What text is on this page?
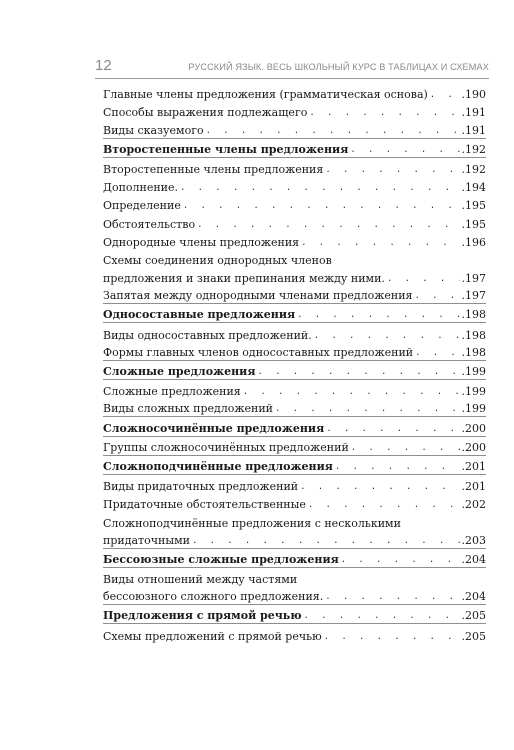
12	РУССКИЙ ЯЗЫК. ВЕСЬ ШКОЛЬНЫЙ КУРС В ТАБЛИЦАХ И СХЕМАХ
Главные члены предложения (грамматическая основа) . . .	.190
Способы выражения подлежащего . . .	.191
Виды сказуемого . . .	.191
Второстепенные члены предложения . . .	.192
Второстепенные члены предложения . . .	.192
Дополнение. . . .	.194
Определение . . .	.195
Обстоятельство . . .	.195
Однородные члены предложения . . .	.196
Схемы соединения однородных членов
предложения и знаки препинания между ними. . . .	.197
Запятая между однородными членами предложения . . .	.197
Односоставные предложения . . .	.198
Виды односоставных предложений. . . .	.198
Формы главных членов односоставных предложений . . .	.198
Сложные предложения . . .	.199
Сложные предложения . . .	.199
Виды сложных предложений . . .	.199
Сложносочинённые предложения . . .	.200
Группы сложносочинённых предложений . . .	.200
Сложноподчинённые предложения . . .	.201
Виды придаточных предложений . . .	.201
Придаточные обстоятельственные . . .	.202
Сложноподчинённые предложения с несколькими
придаточными . . .	.203
Бессоюзные сложные предложения . . .	.204
Виды отношений между частями
бессоюзного сложного предложения. . . .	.204
Предложения с прямой речью . . .	.205
Схемы предложений с прямой речью . . .	.205
